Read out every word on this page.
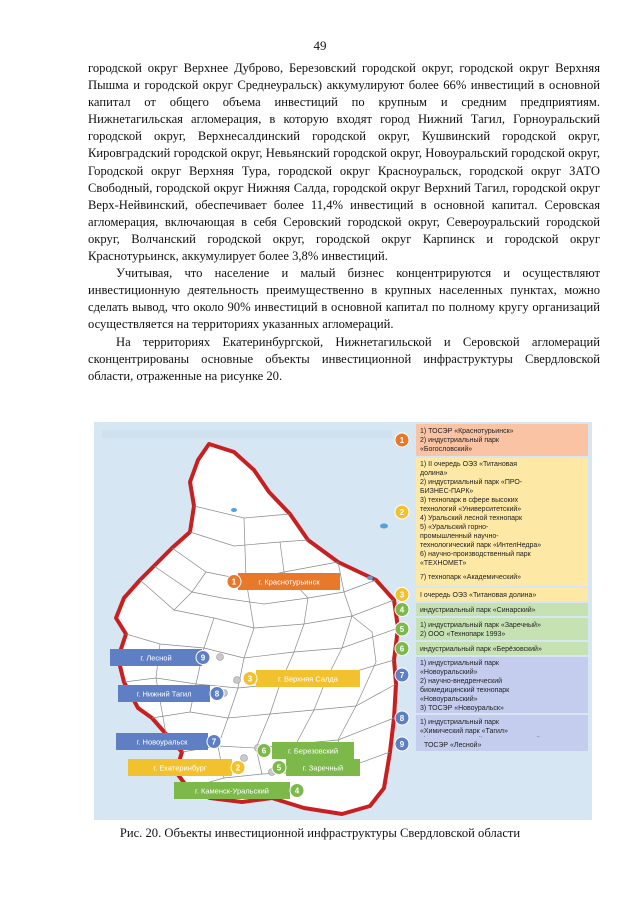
49

городской округ Верхнее Дуброво, Березовский городской округ, городской округ Верхняя Пышма и городской округ Среднеуральск) аккумулируют более 66% инвестиций в основной капитал от общего объема инвестиций по крупным и средним предприятиям. Нижнетагильская агломерация, в которую входят город Нижний Тагил, Горноуральский городской округ, Верхнесалдинский городской округ, Кушвинский городской округ, Кировградский городской округ, Невьянский городской округ, Новоуральский городской округ, Городской округ Верхняя Тура, городской округ Красноуральск, городской округ ЗАТО Свободный, городской округ Нижняя Салда, городской округ Верхний Тагил, городской округ Верх-Нейвинский, обеспечивает более 11,4% инвестиций в основной капитал. Серовская агломерация, включающая в себя Серовский городской округ, Североуральский городской округ, Волчанский городской округ, городской округ Карпинск и городской округ Краснотурьинск, аккумулирует более 3,8% инвестиций.

Учитывая, что население и малый бизнес концентрируются и осуществляют инвестиционную деятельность преимущественно в крупных населенных пунктах, можно сделать вывод, что около 90% инвестиций в основной капитал по полному кругу организаций осуществляется на территориях указанных агломераций.

На территориях Екатеринбургской, Нижнетагильской и Серовской агломераций сконцентрированы основные объекты инвестиционной инфраструктуры Свердловской области, отраженные на рисунке 20.

г. Краснотурьинск
1
г. Лесной	9
г. Верхняя Салда
3
г. Нижний Тагил	8
г. Новоуральск	7
г. Березовский
6
г. Екатеринбург	2	г. Заречный
5
г. Каменск-Уральский	4
1
1) ТОСЭР «Краснотурьинск»
2) индустриальный парк
«Богословский»
2
1) II очередь ОЭЗ «Титановая
долина»
2) индустриальный парк «ПРО-
БИЗНЕС-ПАРК»
3) технопарк в сфере высоких
технологий «Университетский»
4) Уральский лесной технопарк
5) «Уральский горно-
промышленный научно-
технологический парк «ИнтелНедра»
6) научно-производственный парк
«ТЕХНОМЕТ»
7) технопарк «Академический»
3 I очередь ОЭЗ «Титановая долина»
4 индустриальный парк «Синарский»
5 1) индустриальный парк «Заречный»
2) ООО «Технопарк 1993»
6 индустриальный парк «Берёзовский»
7
1) индустриальный парк
«Новоуральский»
2) научно-внедренческий
биомедицинский технопарк
«Новоуральский»
3) ТОСЭР «Новоуральск»
8 1) индустриальный парк
«Химический парк «Тагил»
9	ТОСЭР «Лесной»
Рис. 20. Объекты инвестиционной инфраструктуры Свердловской области
